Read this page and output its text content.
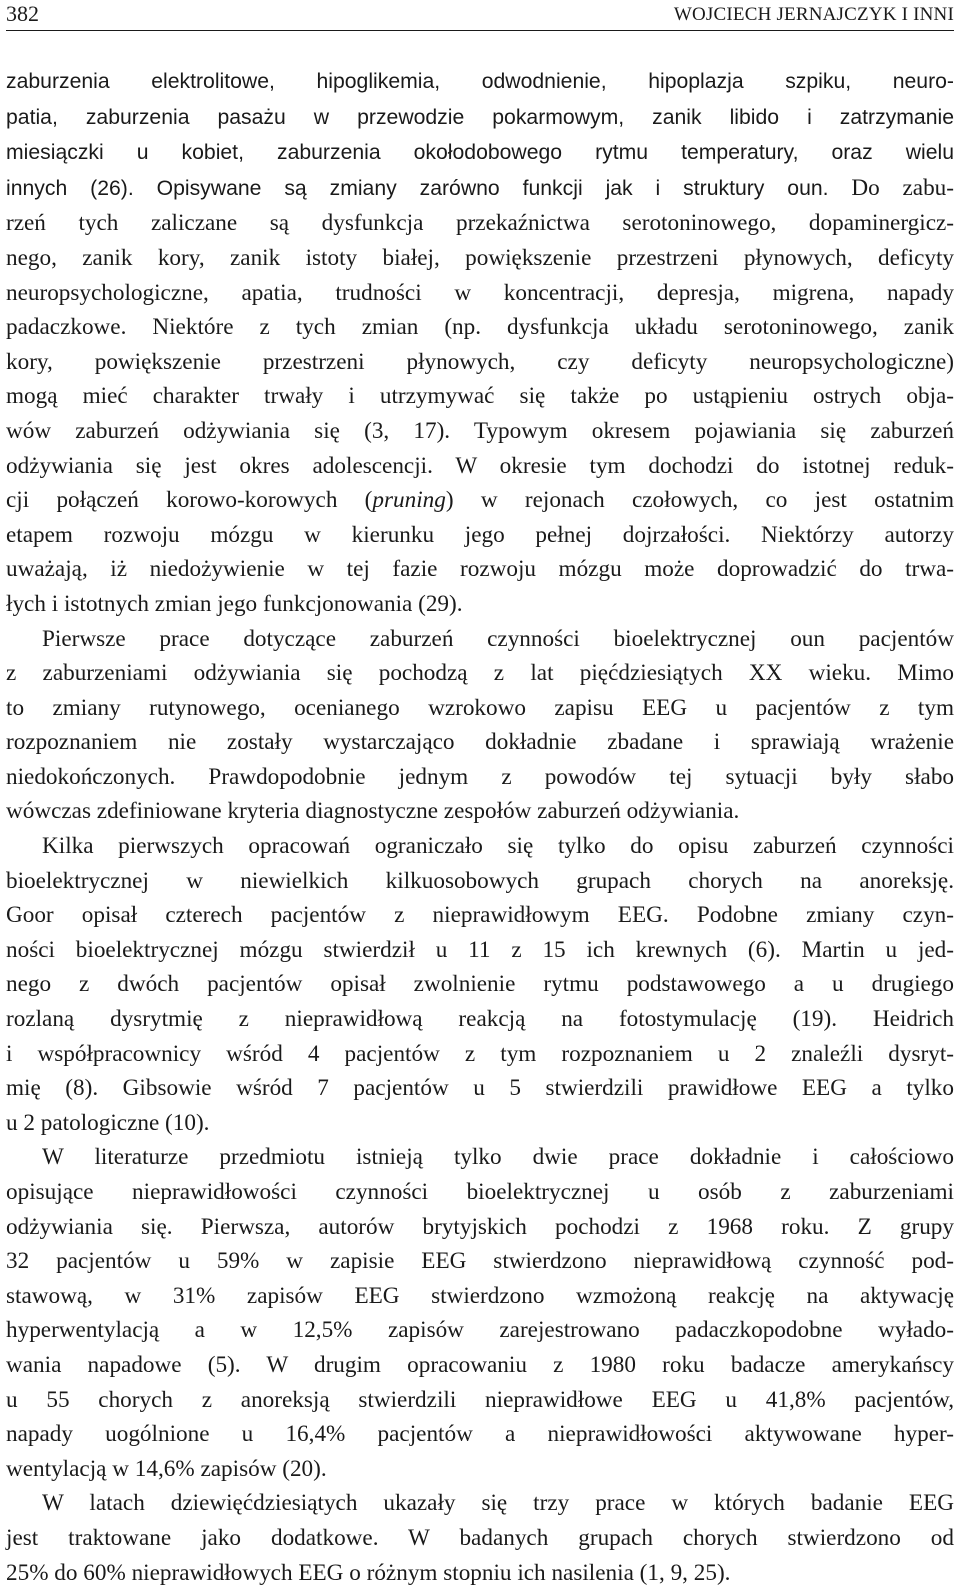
382	WOJCIECH JERNAJCZYK I INNI
zaburzenia elektrolitowe, hipoglikemia, odwodnienie, hipoplazja szpiku, neuro-
patia, zaburzenia pasażu w przewodzie pokarmowym, zanik libido i zatrzymanie
miesiączki u kobiet, zaburzenia okołodobowego rytmu temperatury, oraz wielu
innych (26). Opisywane są zmiany zarówno funkcji jak i struktury oun. Do zabu-
rzeń tych zaliczane są dysfunkcja przekaźnictwa serotoninowego, dopaminergicz-
nego, zanik kory, zanik istoty białej, powiększenie przestrzeni płynowych, deficyty
neuropsychologiczne, apatia, trudności w koncentracji, depresja, migrena, napady
padaczkowe. Niektóre z tych zmian (np. dysfunkcja układu serotoninowego, zanik
kory, powiększenie przestrzeni płynowych, czy deficyty neuropsychologiczne)
mogą mieć charakter trwały i utrzymywać się także po ustąpieniu ostrych obja-
wów zaburzeń odżywiania się (3, 17). Typowym okresem pojawiania się zaburzeń
odżywiania się jest okres adolescencji. W okresie tym dochodzi do istotnej reduk-
cji połączeń korowo-korowych (pruning) w rejonach czołowych, co jest ostatnim
etapem rozwoju mózgu w kierunku jego pełnej dojrzałości. Niektórzy autorzy
uważają, iż niedożywienie w tej fazie rozwoju mózgu może doprowadzić do trwa-
łych i istotnych zmian jego funkcjonowania (29).
Pierwsze prace dotyczące zaburzeń czynności bioelektrycznej oun pacjentów
z zaburzeniami odżywiania się pochodzą z lat pięćdziesiątych XX wieku. Mimo
to zmiany rutynowego, ocenianego wzrokowo zapisu EEG u pacjentów z tym
rozpoznaniem nie zostały wystarczająco dokładnie zbadane i sprawiają wrażenie
niedokończonych. Prawdopodobnie jednym z powodów tej sytuacji były słabo
wówczas zdefiniowane kryteria diagnostyczne zespołów zaburzeń odżywiania.
Kilka pierwszych opracowań ograniczało się tylko do opisu zaburzeń czynności
bioelektrycznej w niewielkich kilkuosobowych grupach chorych na anoreksję.
Goor opisał czterech pacjentów z nieprawidłowym EEG. Podobne zmiany czyn-
ności bioelektrycznej mózgu stwierdził u 11 z 15 ich krewnych (6). Martin u jed-
nego z dwóch pacjentów opisał zwolnienie rytmu podstawowego a u drugiego
rozlaną dysrytmię z nieprawidłową reakcją na fotostymulację (19). Heidrich
i współpracownicy wśród 4 pacjentów z tym rozpoznaniem u 2 znaleźli dysryt-
mię (8). Gibsowie wśród 7 pacjentów u 5 stwierdzili prawidłowe EEG a tylko
u 2 patologiczne (10).
W literaturze przedmiotu istnieją tylko dwie prace dokładnie i całościowo
opisujące nieprawidłowości czynności bioelektrycznej u osób z zaburzeniami
odżywiania się. Pierwsza, autorów brytyjskich pochodzi z 1968 roku. Z grupy
32 pacjentów u 59% w zapisie EEG stwierdzono nieprawidłową czynność pod-
stawową, w 31% zapisów EEG stwierdzono wzmożoną reakcję na aktywację
hyperwentylacją a w 12,5% zapisów zarejestrowano padaczkopodobne wyłado-
wania napadowe (5). W drugim opracowaniu z 1980 roku badacze amerykańscy
u 55 chorych z anoreksją stwierdzili nieprawidłowe EEG u 41,8% pacjentów,
napady uogólnione u 16,4% pacjentów a nieprawidłowości aktywowane hyper-
wentylacją w 14,6% zapisów (20).
W latach dziewięćdziesiątych ukazały się trzy prace w których badanie EEG
jest traktowane jako dodatkowe. W badanych grupach chorych stwierdzono od
25% do 60% nieprawidłowych EEG o różnym stopniu ich nasilenia (1, 9, 25).
